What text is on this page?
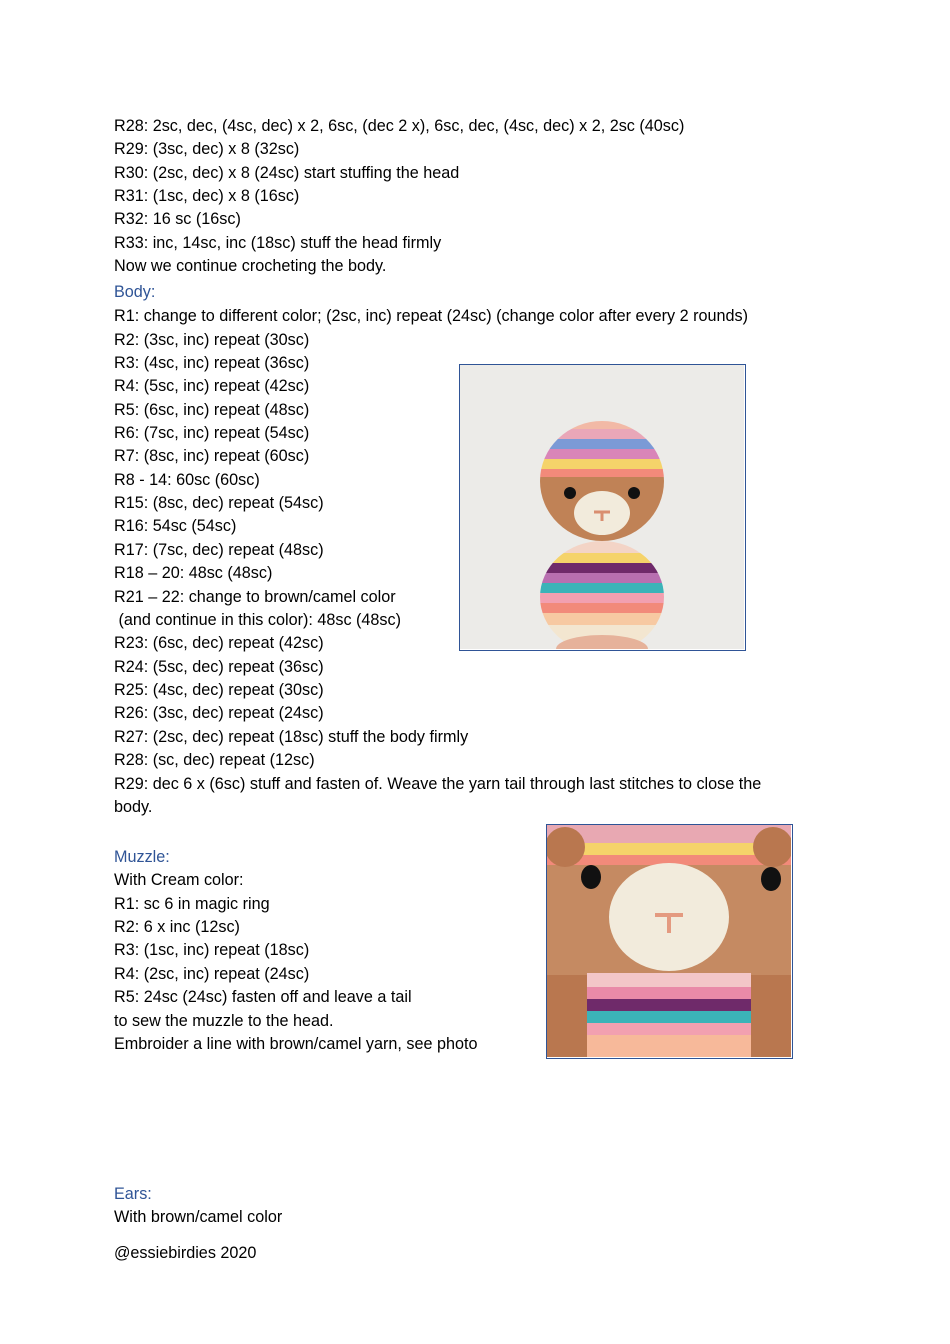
R28: 2sc, dec, (4sc, dec) x 2, 6sc, (dec 2 x), 6sc, dec, (4sc, dec) x 2, 2sc (40sc)
R29: (3sc, dec) x 8 (32sc)
R30: (2sc, dec) x 8 (24sc) start stuffing the head
R31: (1sc, dec) x 8 (16sc)
R32: 16 sc (16sc)
R33: inc, 14sc, inc (18sc) stuff the head firmly
Now we continue crocheting the body.
Body:
R1: change to different color; (2sc, inc) repeat (24sc) (change color after every 2 rounds)
R2: (3sc, inc) repeat (30sc)
R3: (4sc, inc) repeat (36sc)
R4: (5sc, inc) repeat (42sc)
R5: (6sc, inc) repeat (48sc)
R6: (7sc, inc) repeat (54sc)
R7: (8sc, inc) repeat (60sc)
R8 - 14: 60sc (60sc)
R15: (8sc, dec) repeat (54sc)
R16: 54sc (54sc)
R17: (7sc, dec) repeat (48sc)
R18 – 20: 48sc (48sc)
R21 – 22: change to brown/camel color
(and continue in this color): 48sc (48sc)
R23: (6sc, dec) repeat (42sc)
R24: (5sc, dec) repeat (36sc)
R25: (4sc, dec) repeat (30sc)
R26: (3sc, dec) repeat (24sc)
R27: (2sc, dec) repeat (18sc) stuff the body firmly
R28: (sc, dec) repeat (12sc)
R29: dec 6 x (6sc) stuff and fasten of. Weave the yarn tail through last stitches to close the
body.
Muzzle:
With Cream color:
R1: sc 6 in magic ring
R2: 6 x inc (12sc)
R3: (1sc, inc) repeat (18sc)
R4: (2sc, inc) repeat (24sc)
R5: 24sc (24sc) fasten off and leave a tail
to sew the muzzle to the head.
Embroider a line with brown/camel yarn, see photo
Ears:
With brown/camel color
@essiebirdies 2020
